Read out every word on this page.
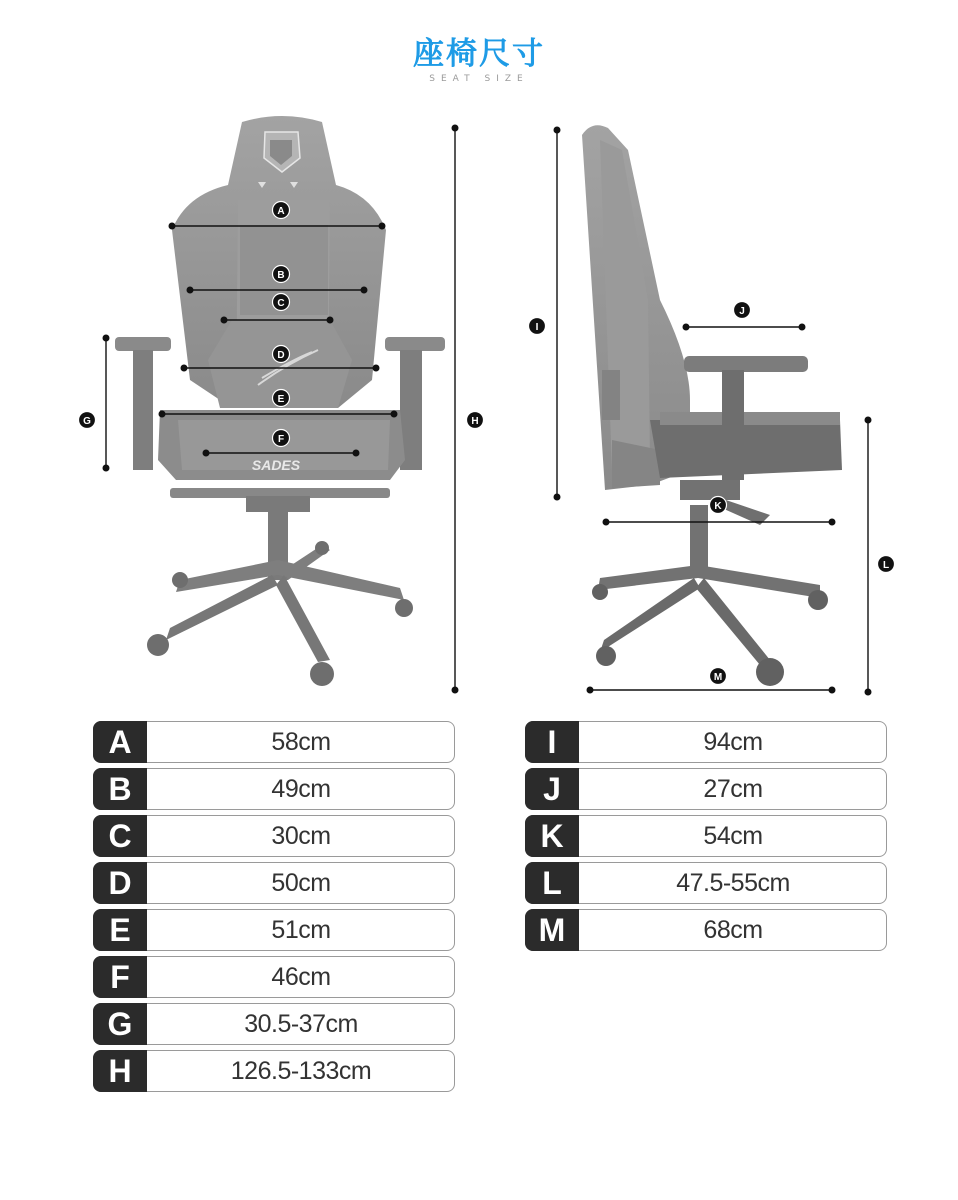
座椅尺寸
SEAT SIZE
SADES
A
B
C
D
E
F
G	H
I
J
K
L
M
A	58cm
B	49cm
C	30cm
D	50cm
E	51cm
F	46cm
G	30.5-37cm
H	126.5-133cm
I	94cm
J	27cm
K	54cm
L	47.5-55cm
M	68cm
